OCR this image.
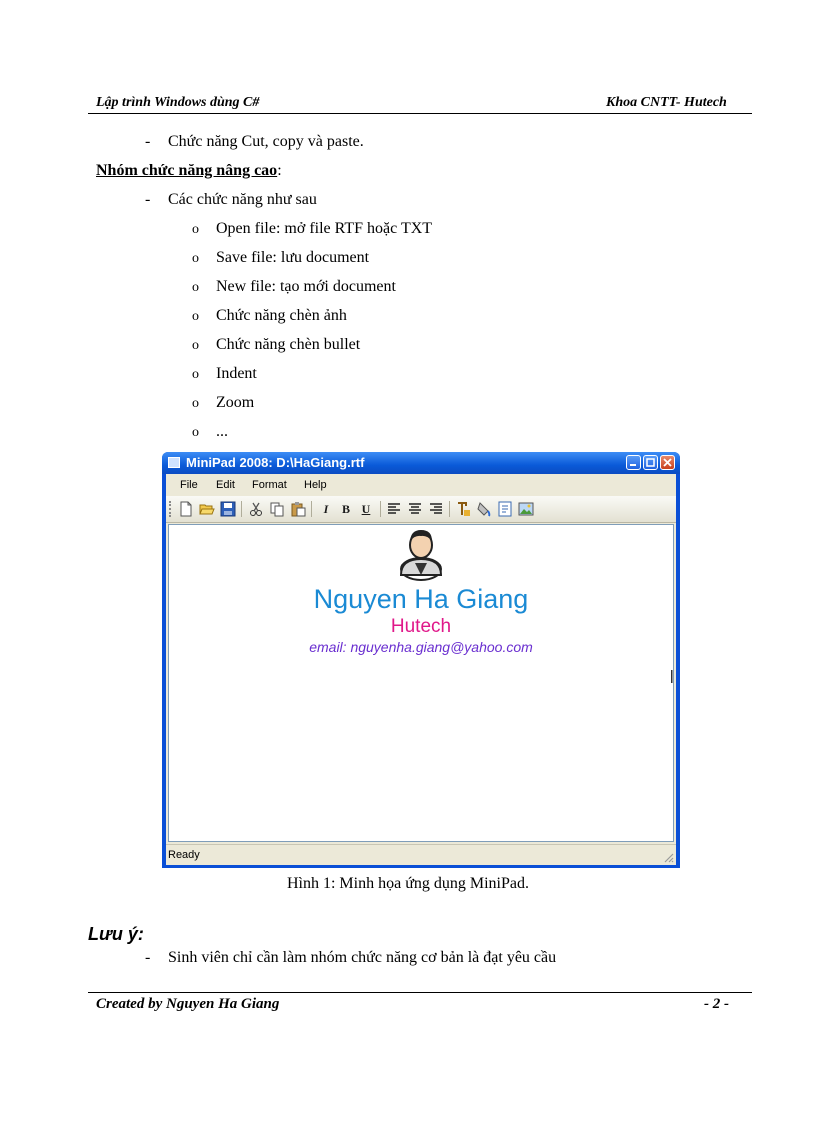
Lập trình Windows dùng C#	Khoa CNTT- Hutech
- Chức năng Cut, copy và paste.
Nhóm chức năng nâng cao:
- Các chức năng như sau
o Open file: mở file RTF hoặc TXT
o Save file: lưu document
o New file: tạo mới document
o Chức năng chèn ảnh
o Chức năng chèn bullet
o Indent
o Zoom
o ...
MiniPad 2008: D:\HaGiang.rtf
File Edit Format Help
I	B U
Nguyen Ha Giang
Hutech
email: nguyenha.giang@yahoo.com
Ready
Hình 1: Minh họa ứng dụng MiniPad.
Lưu ý:
- Sinh viên chỉ cần làm nhóm chức năng cơ bản là đạt yêu cầu
Created by Nguyen Ha Giang	- 2 -
